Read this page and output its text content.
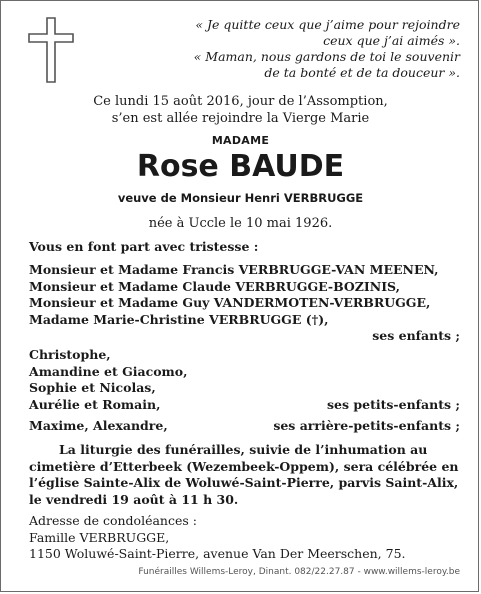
« Je quitte ceux que j’aime pour rejoindre
ceux que j’ai aimés ».
« Maman, nous gardons de toi le souvenir
de ta bonté et de ta douceur ».
Ce lundi 15 août 2016, jour de l’Assomption,
s’en est allée rejoindre la Vierge Marie
MADAME
Rose BAUDE
veuve de Monsieur Henri VERBRUGGE
née à Uccle le 10 mai 1926.
Vous en font part avec tristesse :
Monsieur et Madame Francis VERBRUGGE-VAN MEENEN,
Monsieur et Madame Claude VERBRUGGE-BOZINIS,
Monsieur et Madame Guy VANDERMOTEN-VERBRUGGE,
Madame Marie-Christine VERBRUGGE (†),
ses enfants ;
Christophe,
Amandine et Giacomo,
Sophie et Nicolas,
Aurélie et Romain,	ses petits-enfants ;
Maxime, Alexandre,	ses arrière-petits-enfants ;
La liturgie des funérailles, suivie de l’inhumation au
cimetière d’Etterbeek (Wezembeek-Oppem), sera célébrée en
l’église Sainte-Alix de Woluwé-Saint-Pierre, parvis Saint-Alix,
le vendredi 19 août à 11 h 30.
Adresse de condoléances :
Famille VERBRUGGE,
1150 Woluwé-Saint-Pierre, avenue Van Der Meerschen, 75.
Funérailles Willems-Leroy, Dinant. 082/22.27.87 - www.willems-leroy.be
